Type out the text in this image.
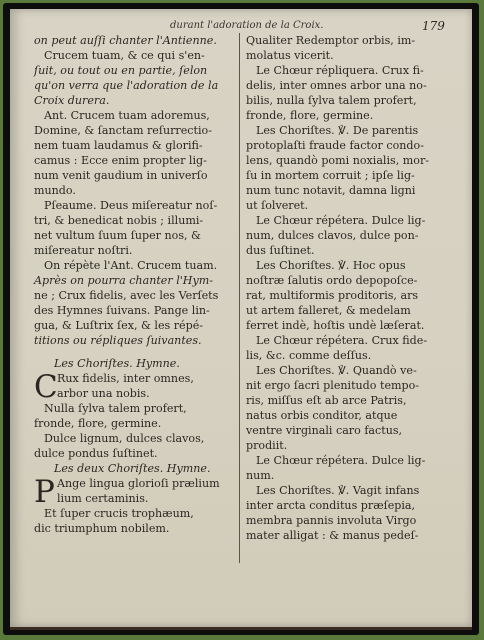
durant l'adoration de la Croix.	179
on peut auſſi chanter l'Antienne.
Crucem tuam, & ce qui s'en-
ſuit, ou tout ou en partie, ſelon
qu'on verra que l'adoration de la
Croix durera.
Ant. Crucem tuam adoremus,
Domine, & ſanctam reſurrectio-
nem tuam laudamus & glorifi-
camus : Ecce enim propter lig-
num venit gaudium in univerſo
mundo.
Pſeaume. Deus miſereatur noſ-
tri, & benedicat nobis ; illumi-
net vultum ſuum ſuper nos, &
miſereatur noſtri.
On répète l'Ant. Crucem tuam.
Après on pourra chanter l'Hym-
ne ; Crux fidelis, avec les Verſets
des Hymnes ſuivans. Pange lin-
gua, & Luſtrix ſex, & les répé-
titions ou répliques ſuivantes.
Les Choriſtes. Hymne.
C Rux fidelis, inter omnes,
arbor una nobis.
Nulla ſylva talem profert,
fronde, flore, germine.
Dulce lignum, dulces clavos,
dulce pondus ſuſtinet.
Les deux Choriſtes. Hymne.
P Ange lingua glorioſi prælium
lium certaminis.
Et ſuper crucis trophæum,
dic triumphum nobilem.
Qualiter Redemptor orbis, im-
molatus vicerit.
Le Chœur répliquera. Crux fi-
delis, inter omnes arbor una no-
bilis, nulla ſylva talem profert,
fronde, flore, germine.
Les Choriſtes. ℣. De parentis
protoplaſti fraude factor condo-
lens, quandò pomi noxialis, mor-
ſu in mortem corruit ; ipſe lig-
num tunc notavit, damna ligni
ut ſolveret.
Le Chœur répétera. Dulce lig-
num, dulces clavos, dulce pon-
dus ſuſtinet.
Les Choriſtes. ℣. Hoc opus
noſtræ ſalutis ordo depopoſce-
rat, multiformis proditoris, ars
ut artem falleret, & medelam
ferret indè, hoſtis undè læſerat.
Le Chœur répétera. Crux fide-
lis, &c. comme deſſus.
Les Choriſtes. ℣. Quandò ve-
nit ergo ſacri plenitudo tempo-
ris, miſſus eſt ab arce Patris,
natus orbis conditor, atque
ventre virginali caro factus,
prodiit.
Le Chœur répétera. Dulce lig-
num.
Les Choriſtes. ℣. Vagit infans
inter arcta conditus præſepia,
membra pannis involuta Virgo
mater alligat : & manus pedeſ-
